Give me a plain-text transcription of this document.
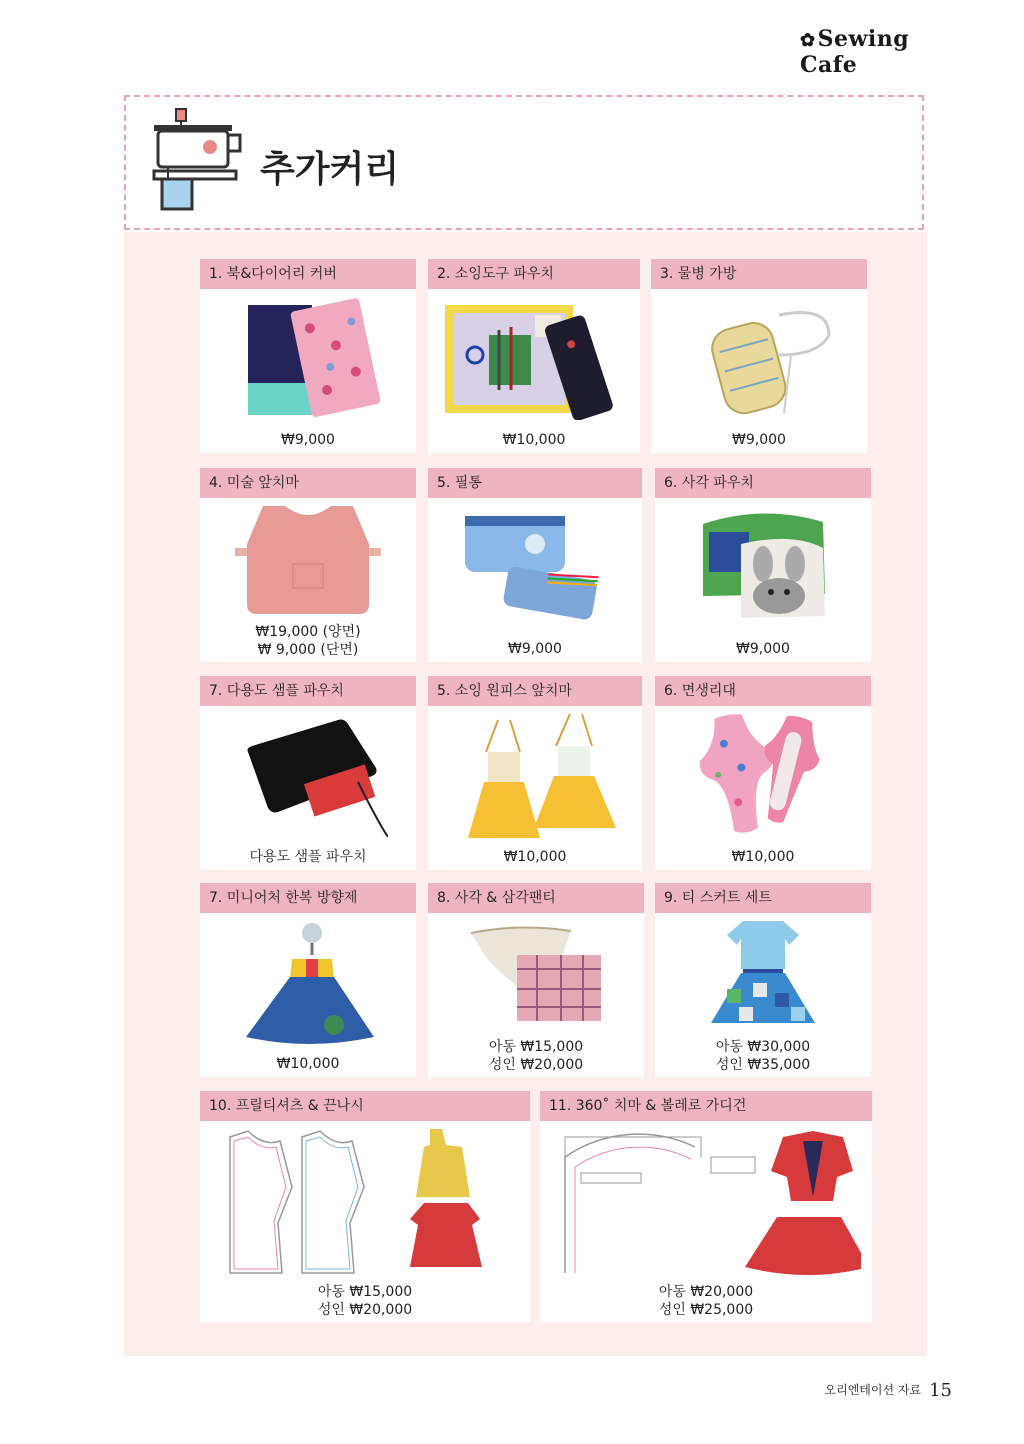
✿Sewing Cafe
추가커리
1. 북&다이어리 커버
₩9,000
2. 소잉도구 파우치
₩10,000
3. 물병 가방
₩9,000
4. 미술 앞치마
₩19,000 (양면)
₩ 9,000 (단면)
5. 필통
₩9,000
6. 사각 파우치
₩9,000
7. 다용도 샘플 파우치
다용도 샘플 파우치
5. 소잉 원피스 앞치마
₩10,000
6. 면생리대
₩10,000
7. 미니어처 한복 방향제
₩10,000
8. 사각 & 삼각팬티
아동 ₩15,000
성인 ₩20,000
9. 티 스커트 세트
아동 ₩30,000
성인 ₩35,000
10. 프릴티셔츠 & 끈나시
아동 ₩15,000
성인 ₩20,000
11. 360˚ 치마 & 볼레로 가디건
아동 ₩20,000
성인 ₩25,000
오리엔테이션 자료 15
